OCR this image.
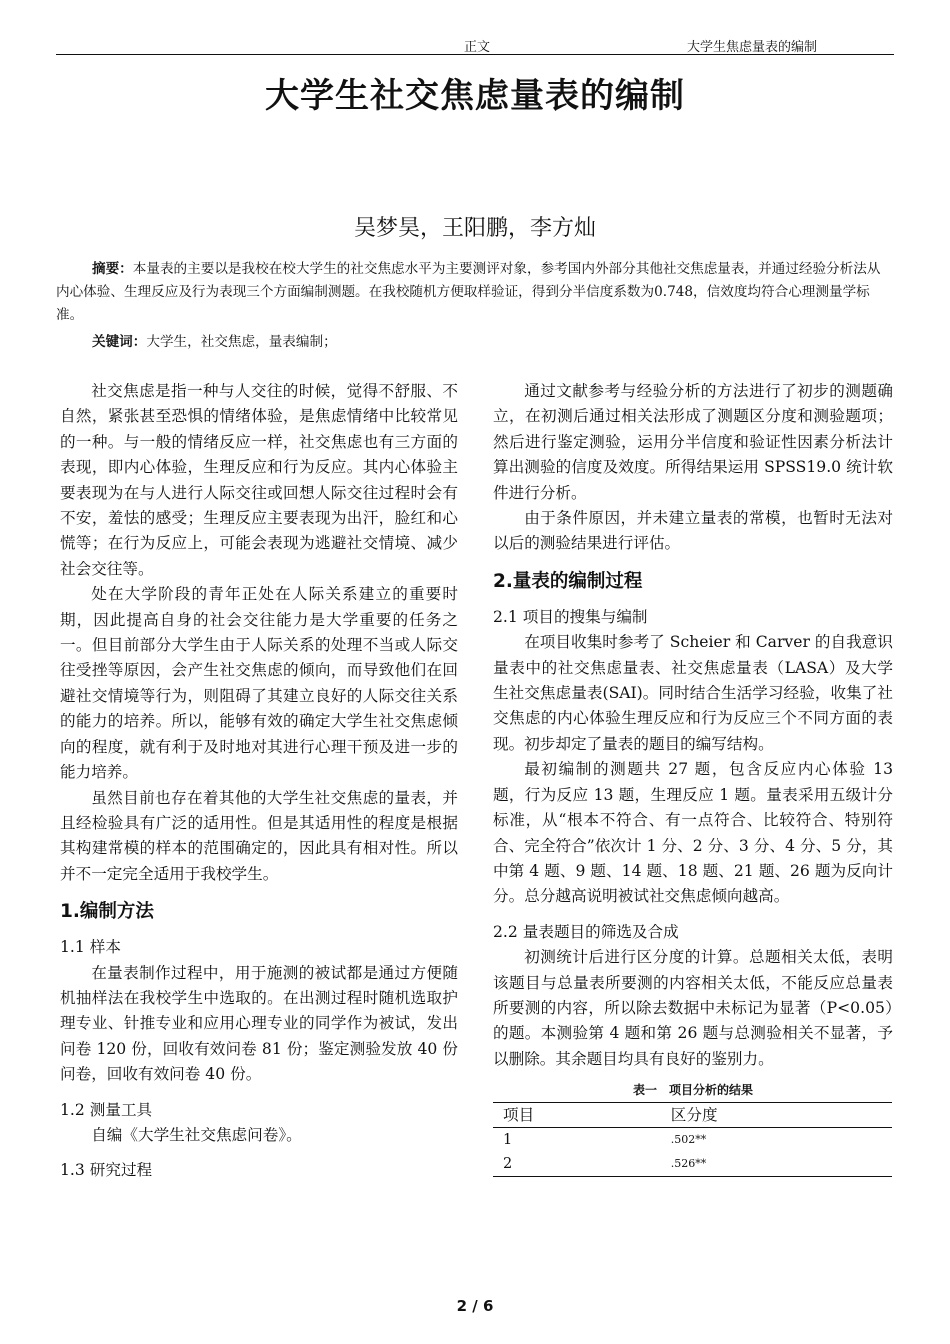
正文	大学生焦虑量表的编制
大学生社交焦虑量表的编制
吴梦昊，王阳鹏，李方灿
摘要：本量表的主要以是我校在校大学生的社交焦虑水平为主要测评对象，参考国内外部分其他社交焦虑量表，并通过经验分析法从内心体验、生理反应及行为表现三个方面编制测题。在我校随机方便取样验证，得到分半信度系数为0.748，信效度均符合心理测量学标准。
关键词：大学生，社交焦虑，量表编制；

社交焦虑是指一种与人交往的时候，觉得不舒服、不自然，紧张甚至恐惧的情绪体验，是焦虑情绪中比较常见的一种。与一般的情绪反应一样，社交焦虑也有三方面的表现，即内心体验，生理反应和行为反应。其内心体验主要表现为在与人进行人际交往或回想人际交往过程时会有不安，羞怯的感受；生理反应主要表现为出汗，脸红和心慌等；在行为反应上，可能会表现为逃避社交情境、减少社会交往等。

处在大学阶段的青年正处在人际关系建立的重要时期，因此提高自身的社会交往能力是大学重要的任务之一。但目前部分大学生由于人际关系的处理不当或人际交往受挫等原因，会产生社交焦虑的倾向，而导致他们在回避社交情境等行为，则阻碍了其建立良好的人际交往关系的能力的培养。所以，能够有效的确定大学生社交焦虑倾向的程度，就有利于及时地对其进行心理干预及进一步的能力培养。

虽然目前也存在着其他的大学生社交焦虑的量表，并且经检验具有广泛的适用性。但是其适用性的程度是根据其构建常模的样本的范围确定的，因此具有相对性。所以并不一定完全适用于我校学生。

1.编制方法
1.1 样本

在量表制作过程中，用于施测的被试都是通过方便随机抽样法在我校学生中选取的。在出测过程时随机选取护理专业、针推专业和应用心理专业的同学作为被试，发出问卷 120 份，回收有效问卷 81 份；鉴定测验发放 40 份问卷，回收有效问卷 40 份。

1.2 测量工具

自编《大学生社交焦虑问卷》。

1.3 研究过程

通过文献参考与经验分析的方法进行了初步的测题确立，在初测后通过相关法形成了测题区分度和测验题项；然后进行鉴定测验，运用分半信度和验证性因素分析法计算出测验的信度及效度。所得结果运用 SPSS19.0 统计软件进行分析。

由于条件原因，并未建立量表的常模，也暂时无法对以后的测验结果进行评估。

2.量表的编制过程
2.1 项目的搜集与编制

在项目收集时参考了 Scheier 和 Carver 的自我意识量表中的社交焦虑量表、社交焦虑量表（LASA）及大学生社交焦虑量表(SAI)。同时结合生活学习经验，收集了社交焦虑的内心体验生理反应和行为反应三个不同方面的表现。初步却定了量表的题目的编写结构。

最初编制的测题共 27 题，包含反应内心体验 13 题，行为反应 13 题，生理反应 1 题。量表采用五级计分标准，从“根本不符合、有一点符合、比较符合、特别符合、完全符合”依次计 1 分、2 分、3 分、4 分、5 分，其中第 4 题、9 题、14 题、18 题、21 题、26 题为反向计分。总分越高说明被试社交焦虑倾向越高。

2.2 量表题目的筛选及合成

初测统计后进行区分度的计算。总题相关太低，表明该题目与总量表所要测的内容相关太低，不能反应总量表所要测的内容，所以除去数据中未标记为显著（P<0.05）的题。本测验第 4 题和第 26 题与总测验相关不显著，予以删除。其余题目均具有良好的鉴别力。

表一　项目分析的结果
项目	区分度
1	.502**
2	.526**
2 / 6
